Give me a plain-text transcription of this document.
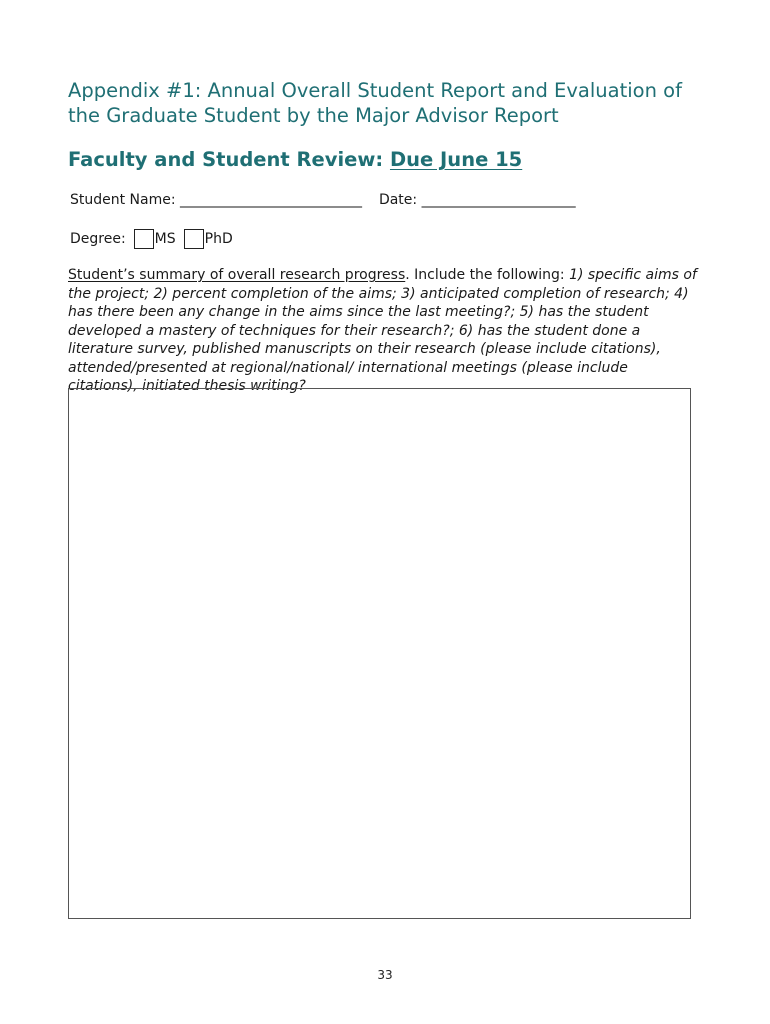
Appendix #1: Annual Overall Student Report and Evaluation of the Graduate Student by the Major Advisor Report
Faculty and Student Review: Due June 15
Student Name: __________________________ Date: ______________________
Degree: MS PhD
Student’s summary of overall research progress. Include the following: 1) specific aims of the project; 2) percent completion of the aims; 3) anticipated completion of research; 4) has there been any change in the aims since the last meeting?; 5) has the student developed a mastery of techniques for their research?; 6) has the student done a literature survey, published manuscripts on their research (please include citations), attended/presented at regional/national/ international meetings (please include citations), initiated thesis writing?
33
